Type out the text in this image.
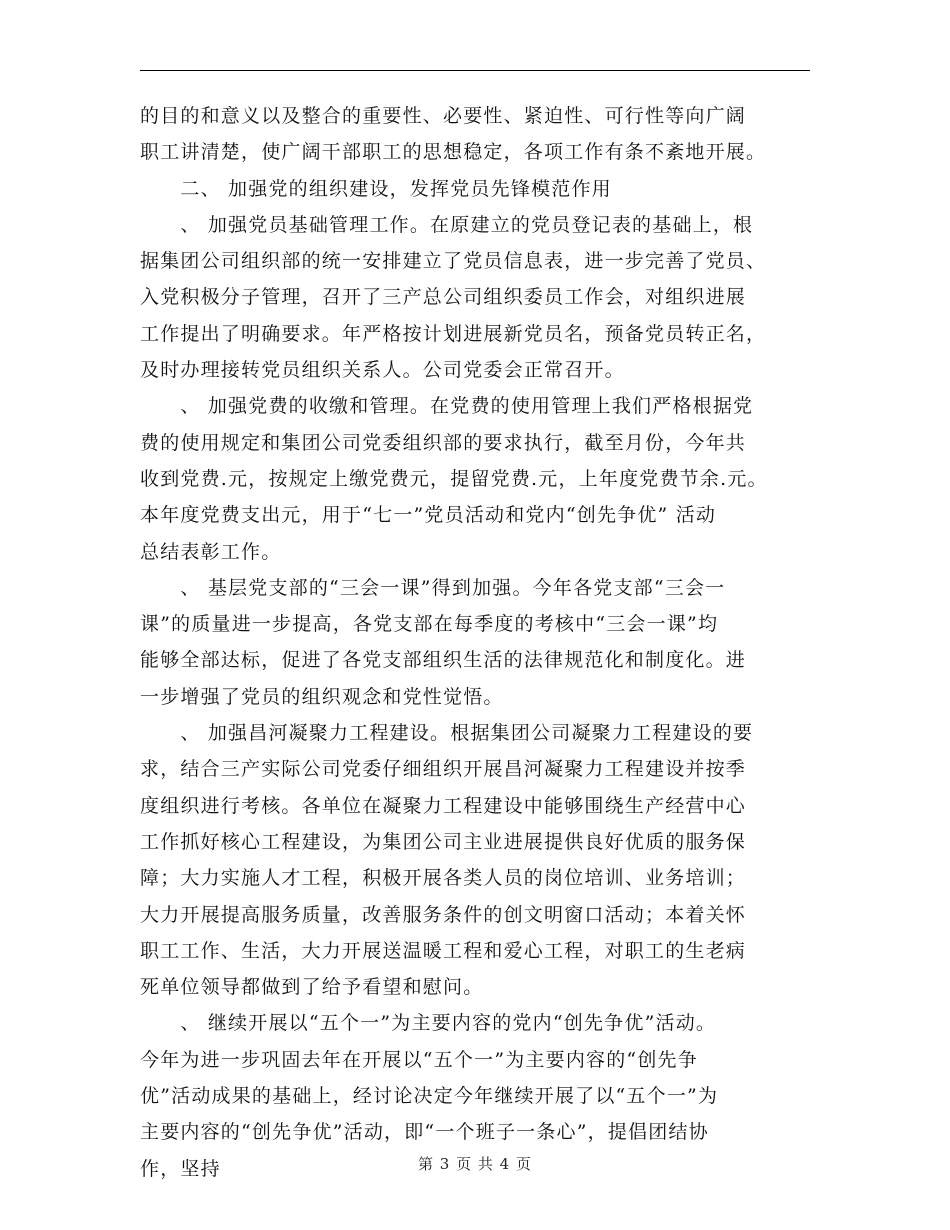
的目的和意义以及整合的重要性、必要性、紧迫性、可行性等向广阔
职工讲清楚，使广阔干部职工的思想稳定，各项工作有条不紊地开展。
　　二、 加强党的组织建设，发挥党员先锋模范作用
　　、 加强党员基础管理工作。在原建立的党员登记表的基础上，根
据集团公司组织部的统一安排建立了党员信息表，进一步完善了党员、
入党积极分子管理，召开了三产总公司组织委员工作会，对组织进展
工作提出了明确要求。年严格按计划进展新党员名，预备党员转正名，
及时办理接转党员组织关系人。公司党委会正常召开。
　　、 加强党费的收缴和管理。在党费的使用管理上我们严格根据党
费的使用规定和集团公司党委组织部的要求执行，截至月份，今年共
收到党费.元，按规定上缴党费元，提留党费.元，上年度党费节余.元。
本年度党费支出元，用于“七一”党员活动和党内“创先争优” 活动
总结表彰工作。
　　、 基层党支部的“三会一课”得到加强。今年各党支部“三会一
课”的质量进一步提高，各党支部在每季度的考核中“三会一课”均
能够全部达标，促进了各党支部组织生活的法律规范化和制度化。进
一步增强了党员的组织观念和党性觉悟。
　　、 加强昌河凝聚力工程建设。根据集团公司凝聚力工程建设的要
求，结合三产实际公司党委仔细组织开展昌河凝聚力工程建设并按季
度组织进行考核。各单位在凝聚力工程建设中能够围绕生产经营中心
工作抓好核心工程建设，为集团公司主业进展提供良好优质的服务保
障；大力实施人才工程，积极开展各类人员的岗位培训、业务培训；
大力开展提高服务质量，改善服务条件的创文明窗口活动；本着关怀
职工工作、生活，大力开展送温暖工程和爱心工程，对职工的生老病
死单位领导都做到了给予看望和慰问。
　　、 继续开展以“五个一”为主要内容的党内“创先争优”活动。
今年为进一步巩固去年在开展以“五个一”为主要内容的“创先争
优”活动成果的基础上，经讨论决定今年继续开展了以“五个一”为
主要内容的“创先争优”活动，即“一个班子一条心”，提倡团结协
作，坚持	第 3 页 共 4 页
